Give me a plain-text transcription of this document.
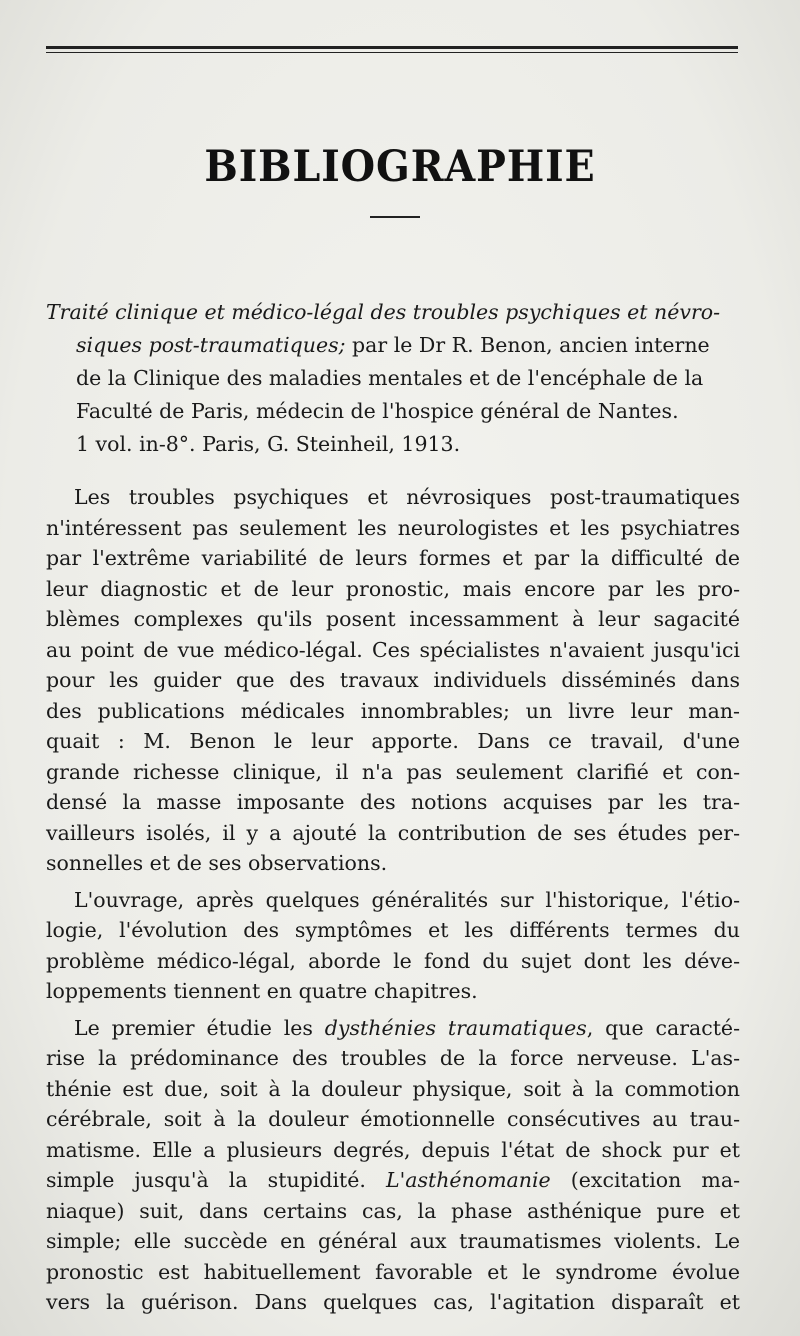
BIBLIOGRAPHIE
Traité clinique et médico-légal des troubles psychiques et névro-
siques post-traumatiques; par le Dr R. Benon, ancien interne
de la Clinique des maladies mentales et de l'encéphale de la
Faculté de Paris, médecin de l'hospice général de Nantes.
1 vol. in-8°. Paris, G. Steinheil, 1913.
Les troubles psychiques et névrosiques post-traumatiques
n'intéressent pas seulement les neurologistes et les psychiatres
par l'extrême variabilité de leurs formes et par la difficulté de
leur diagnostic et de leur pronostic, mais encore par les pro-
blèmes complexes qu'ils posent incessamment à leur sagacité
au point de vue médico-légal. Ces spécialistes n'avaient jusqu'ici
pour les guider que des travaux individuels disséminés dans
des publications médicales innombrables; un livre leur man-
quait : M. Benon le leur apporte. Dans ce travail, d'une
grande richesse clinique, il n'a pas seulement clarifié et con-
densé la masse imposante des notions acquises par les tra-
vailleurs isolés, il y a ajouté la contribution de ses études per-
sonnelles et de ses observations.
L'ouvrage, après quelques généralités sur l'historique, l'étio-
logie, l'évolution des symptômes et les différents termes du
problème médico-légal, aborde le fond du sujet dont les déve-
loppements tiennent en quatre chapitres.
Le premier étudie les dysthénies traumatiques, que caracté-
rise la prédominance des troubles de la force nerveuse. L'as-
thénie est due, soit à la douleur physique, soit à la commotion
cérébrale, soit à la douleur émotionnelle consécutives au trau-
matisme. Elle a plusieurs degrés, depuis l'état de shock pur et
simple jusqu'à la stupidité. L'asthénomanie (excitation ma-
niaque) suit, dans certains cas, la phase asthénique pure et
simple; elle succède en général aux traumatismes violents. Le
pronostic est habituellement favorable et le syndrome évolue
vers la guérison. Dans quelques cas, l'agitation disparaît et
